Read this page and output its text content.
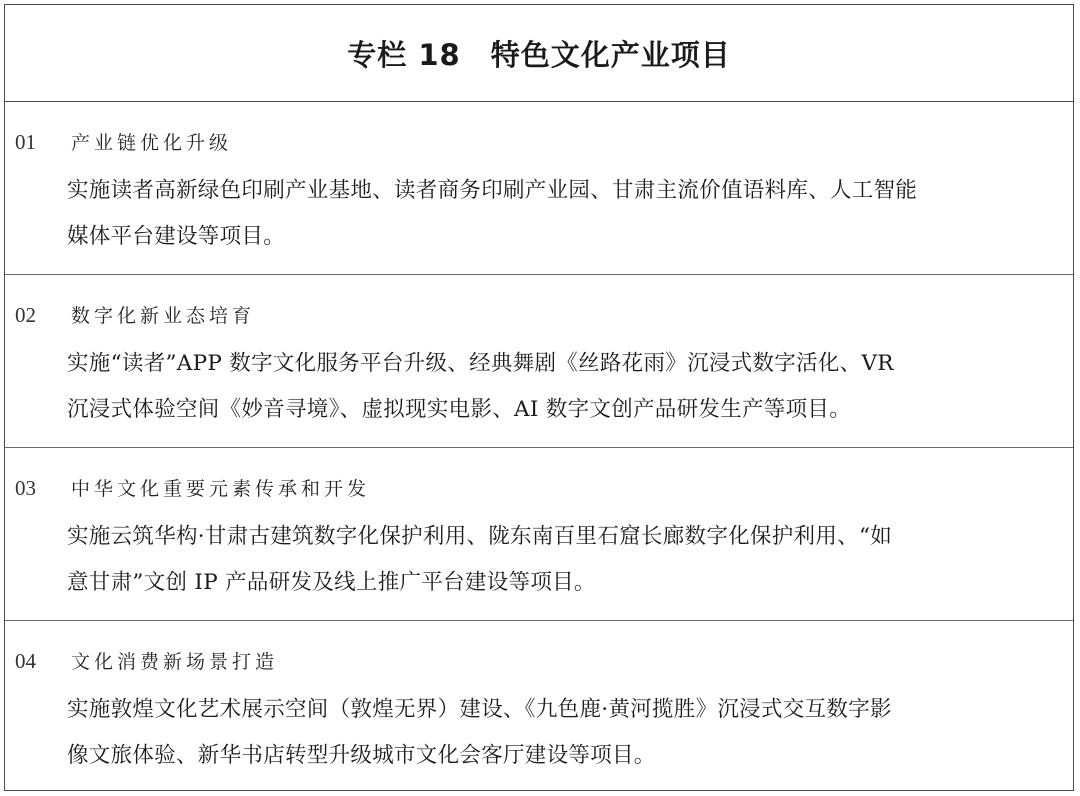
专栏 18　特色文化产业项目
01	产业链优化升级
实施读者高新绿色印刷产业基地、读者商务印刷产业园、甘肃主流价值语料库、人工智能
媒体平台建设等项目。
02	数字化新业态培育
实施“读者”APP 数字文化服务平台升级、经典舞剧《丝路花雨》沉浸式数字活化、VR
沉浸式体验空间《妙音寻境》、虚拟现实电影、AI 数字文创产品研发生产等项目。
03	中华文化重要元素传承和开发
实施云筑华构·甘肃古建筑数字化保护利用、陇东南百里石窟长廊数字化保护利用、“如
意甘肃”文创 IP 产品研发及线上推广平台建设等项目。
04	文化消费新场景打造
实施敦煌文化艺术展示空间（敦煌无界）建设、《九色鹿·黄河揽胜》沉浸式交互数字影
像文旅体验、新华书店转型升级城市文化会客厅建设等项目。
